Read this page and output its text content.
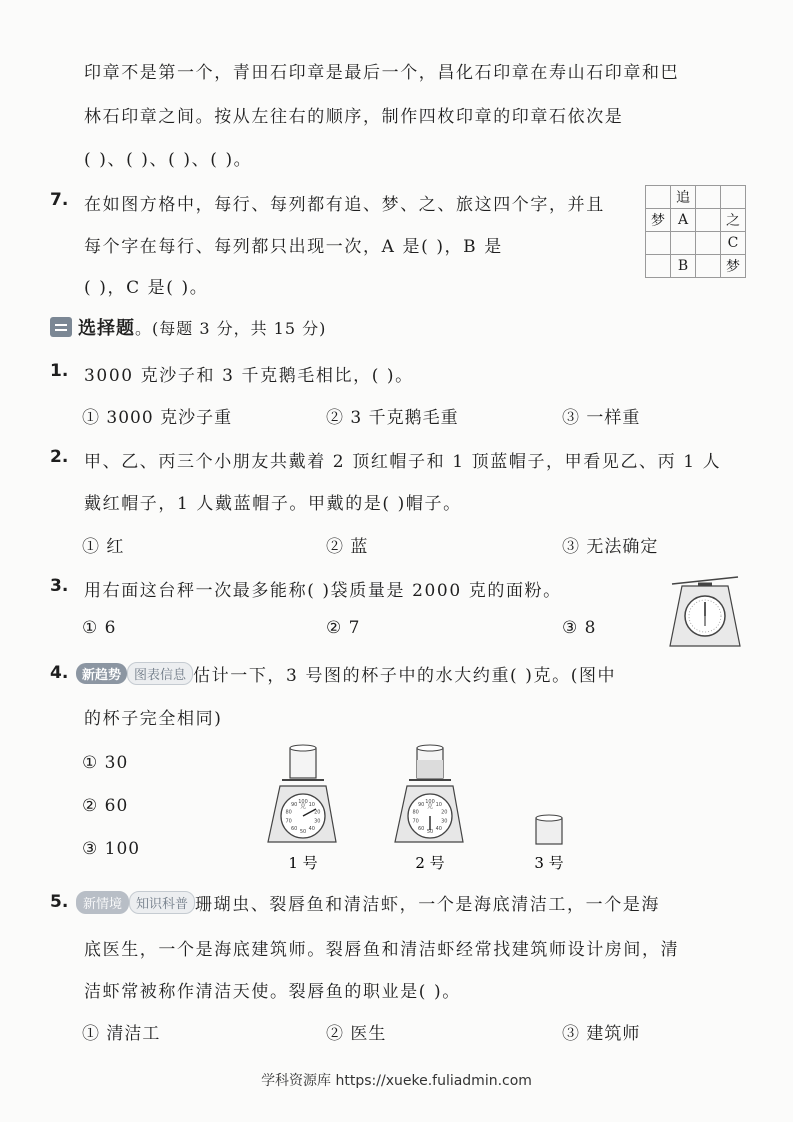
印章不是第一个，青田石印章是最后一个，昌化石印章在寿山石印章和巴
林石印章之间。按从左往右的顺序，制作四枚印章的印章石依次是
( )、( )、( )、( )。
7. 在如图方格中，每行、每列都有追、梦、之、旅这四个字，并且
每个字在每行、每列都只出现一次，A 是( )，B 是
( )，C 是( )。
	追		
梦	A		之
			C
	B		梦
选择题 。(每题 3 分，共 15 分)
1. 3000 克沙子和 3 千克鹅毛相比，( )。
① 3000 克沙子重	② 3 千克鹅毛重	③ 一样重
2. 甲、乙、丙三个小朋友共戴着 2 顶红帽子和 1 顶蓝帽子，甲看见乙、丙 1 人
戴红帽子，1 人戴蓝帽子。甲戴的是( )帽子。
① 红	② 蓝	③ 无法确定
3. 用右面这台秤一次最多能称( )袋质量是 2000 克的面粉。
① 6	② 7	③ 8
4.	新趋势 图表信息 估计一下，3 号图的杯子中的水大约重( )克。(图中
的杯子完全相同)
① 30
② 60
③ 100
克
100 10
20
30
40
50
60
70
80
90
1 号
克
100 10
20
30
40
50
60
70
80
90
2 号	3 号
5.	新情境 知识科普 珊瑚虫、裂唇鱼和清洁虾，一个是海底清洁工，一个是海
底医生，一个是海底建筑师。裂唇鱼和清洁虾经常找建筑师设计房间，清
洁虾常被称作清洁天使。裂唇鱼的职业是( )。
① 清洁工	② 医生	③ 建筑师
学科资源库 https://xueke.fuliadmin.com
